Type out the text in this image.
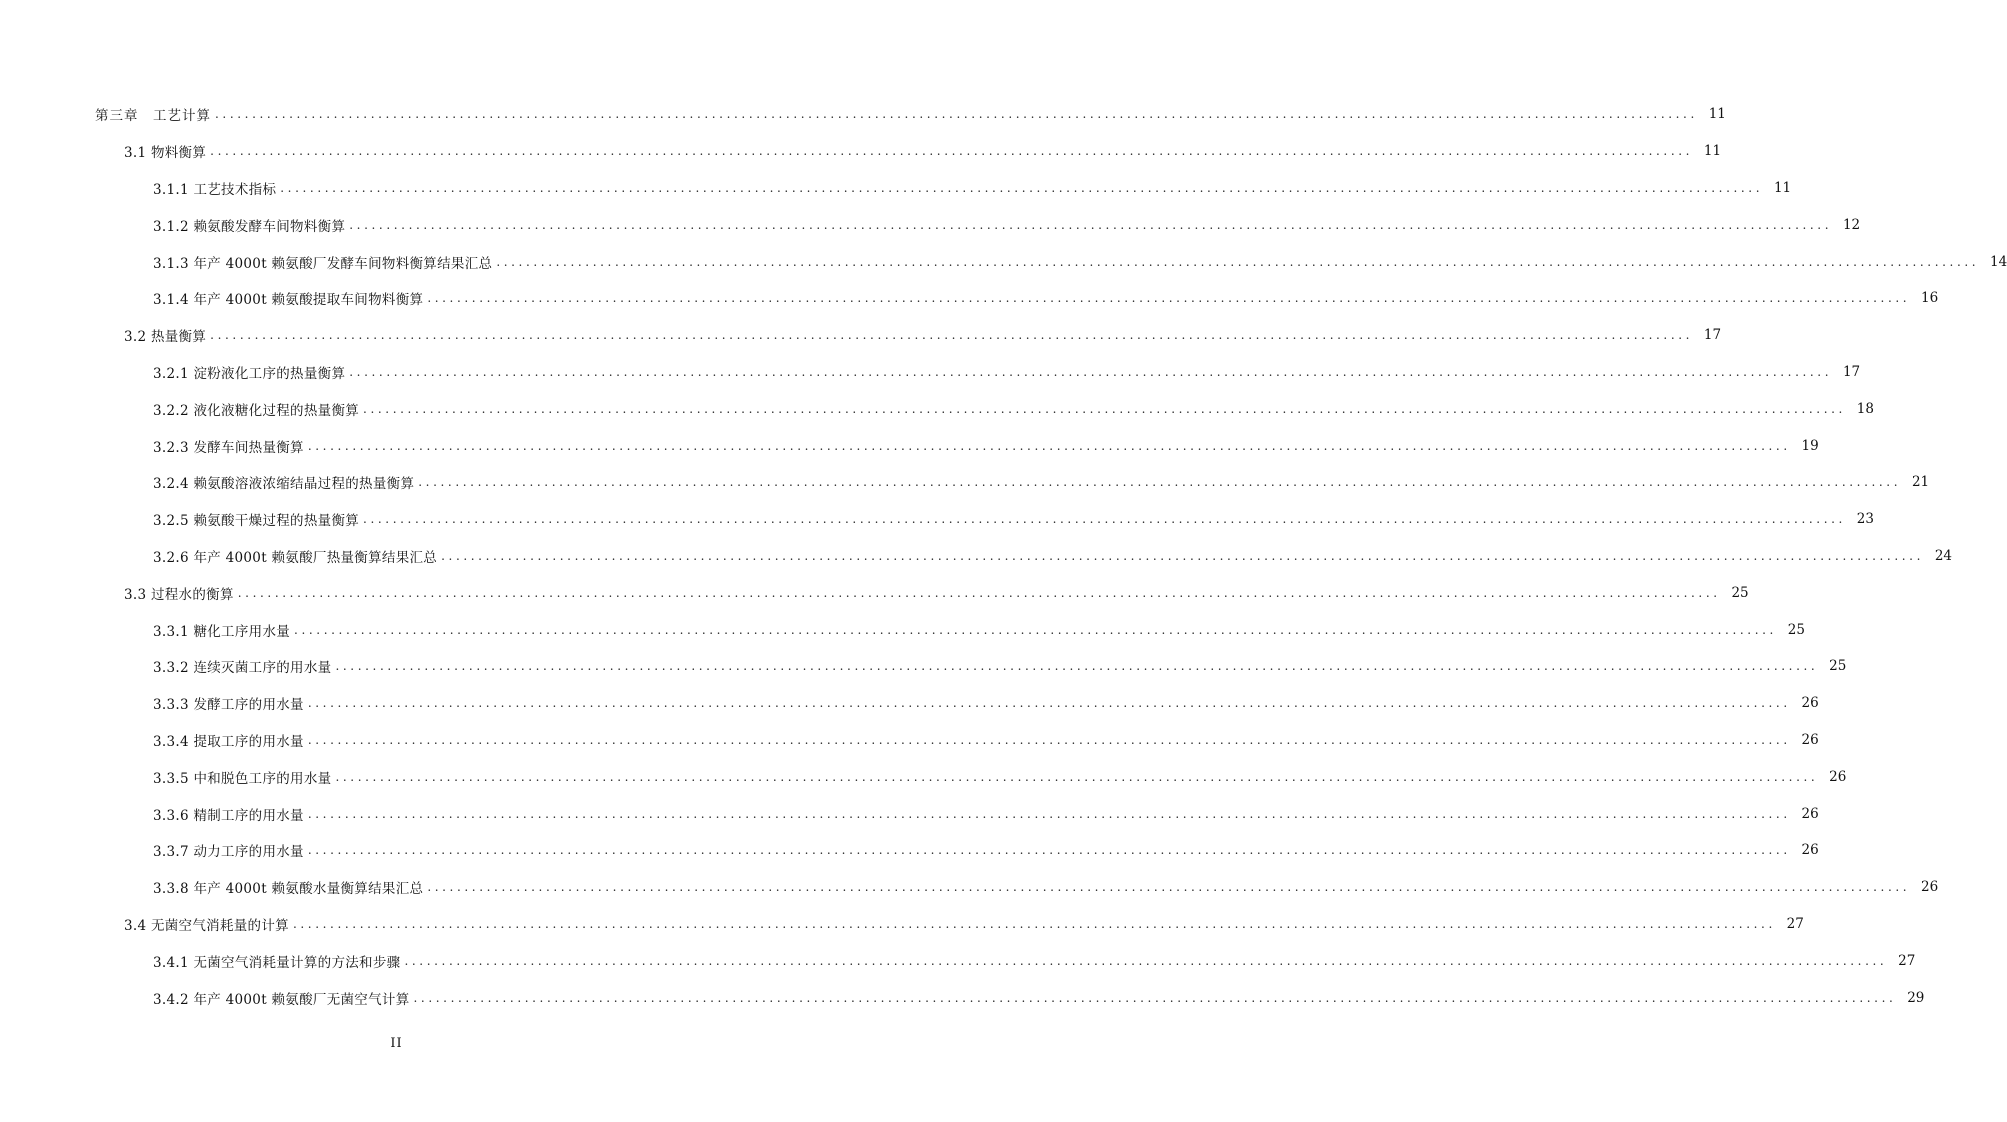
第三章　工艺计算 ........................................................................................................................................................................................................ 11
3.1 物料衡算 ........................................................................................................................................................................................................ 11
3.1.1 工艺技术指标 ........................................................................................................................................................................................................ 11
3.1.2 赖氨酸发酵车间物料衡算 ........................................................................................................................................................................................................ 12
3.1.3 年产 4000t 赖氨酸厂发酵车间物料衡算结果汇总 ........................................................................................................................................................................................................ 14
3.1.4 年产 4000t 赖氨酸提取车间物料衡算 ........................................................................................................................................................................................................ 16
3.2 热量衡算 ........................................................................................................................................................................................................ 17
3.2.1 淀粉液化工序的热量衡算 ........................................................................................................................................................................................................ 17
3.2.2 液化液糖化过程的热量衡算 ........................................................................................................................................................................................................ 18
3.2.3 发酵车间热量衡算 ........................................................................................................................................................................................................ 19
3.2.4 赖氨酸溶液浓缩结晶过程的热量衡算 ........................................................................................................................................................................................................ 21
3.2.5 赖氨酸干燥过程的热量衡算 ........................................................................................................................................................................................................ 23
3.2.6 年产 4000t 赖氨酸厂热量衡算结果汇总 ........................................................................................................................................................................................................ 24
3.3 过程水的衡算 ........................................................................................................................................................................................................ 25
3.3.1 糖化工序用水量 ........................................................................................................................................................................................................ 25
3.3.2 连续灭菌工序的用水量 ........................................................................................................................................................................................................ 25
3.3.3 发酵工序的用水量 ........................................................................................................................................................................................................ 26
3.3.4 提取工序的用水量 ........................................................................................................................................................................................................ 26
3.3.5 中和脱色工序的用水量 ........................................................................................................................................................................................................ 26
3.3.6 精制工序的用水量 ........................................................................................................................................................................................................ 26
3.3.7 动力工序的用水量 ........................................................................................................................................................................................................ 26
3.3.8 年产 4000t 赖氨酸水量衡算结果汇总 ........................................................................................................................................................................................................ 26
3.4 无菌空气消耗量的计算 ........................................................................................................................................................................................................ 27
3.4.1 无菌空气消耗量计算的方法和步骤 ........................................................................................................................................................................................................ 27
3.4.2 年产 4000t 赖氨酸厂无菌空气计算 ........................................................................................................................................................................................................ 29
II
